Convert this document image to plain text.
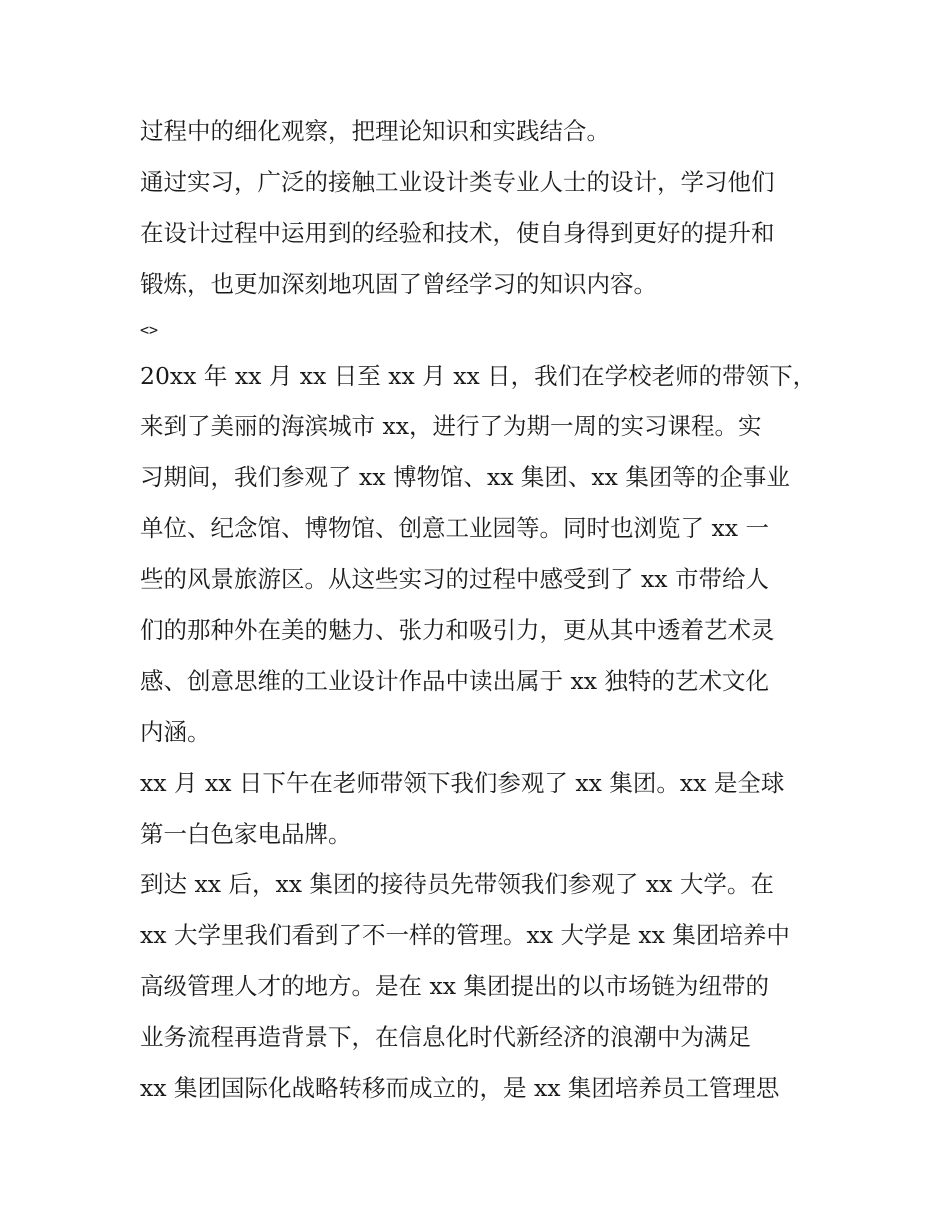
过程中的细化观察，把理论知识和实践结合。
通过实习，广泛的接触工业设计类专业人士的设计，学习他们
在设计过程中运用到的经验和技术，使自身得到更好的提升和
锻炼，也更加深刻地巩固了曾经学习的知识内容。
<>
20xx 年 xx 月 xx 日至 xx 月 xx 日，我们在学校老师的带领下，
来到了美丽的海滨城市 xx，进行了为期一周的实习课程。实
习期间，我们参观了 xx 博物馆、xx 集团、xx 集团等的企事业
单位、纪念馆、博物馆、创意工业园等。同时也浏览了 xx 一
些的风景旅游区。从这些实习的过程中感受到了 xx 市带给人
们的那种外在美的魅力、张力和吸引力，更从其中透着艺术灵
感、创意思维的工业设计作品中读出属于 xx 独特的艺术文化
内涵。
xx 月 xx 日下午在老师带领下我们参观了 xx 集团。xx 是全球
第一白色家电品牌。
到达 xx 后，xx 集团的接待员先带领我们参观了 xx 大学。在
xx 大学里我们看到了不一样的管理。xx 大学是 xx 集团培养中
高级管理人才的地方。是在 xx 集团提出的以市场链为纽带的
业务流程再造背景下，在信息化时代新经济的浪潮中为满足
xx 集团国际化战略转移而成立的，是 xx 集团培养员工管理思
